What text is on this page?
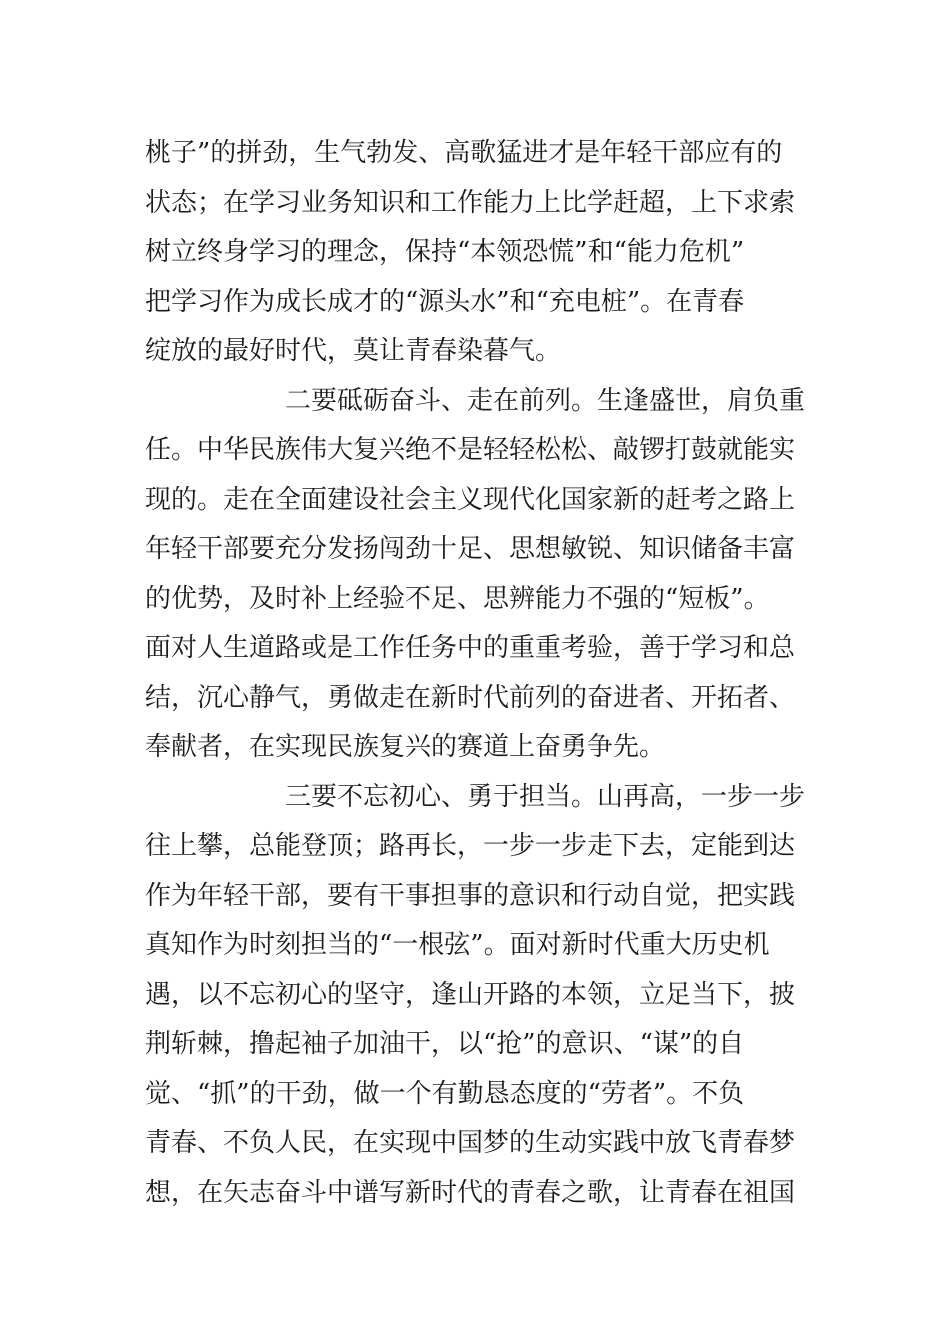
桃子”的拼劲，生气勃发、高歌猛进才是年轻干部应有的
状态；在学习业务知识和工作能力上比学赶超，上下求索
树立终身学习的理念，保持“本领恐慌”和“能力危机”
把学习作为成长成才的“源头水”和“充电桩”。在青春
绽放的最好时代，莫让青春染暮气。
二要砥砺奋斗、走在前列。生逢盛世，肩负重
任。中华民族伟大复兴绝不是轻轻松松、敲锣打鼓就能实
现的。走在全面建设社会主义现代化国家新的赶考之路上
年轻干部要充分发扬闯劲十足、思想敏锐、知识储备丰富
的优势，及时补上经验不足、思辨能力不强的“短板”。
面对人生道路或是工作任务中的重重考验，善于学习和总
结，沉心静气，勇做走在新时代前列的奋进者、开拓者、
奉献者，在实现民族复兴的赛道上奋勇争先。
三要不忘初心、勇于担当。山再高，一步一步
往上攀，总能登顶；路再长，一步一步走下去，定能到达
作为年轻干部，要有干事担事的意识和行动自觉，把实践
真知作为时刻担当的“一根弦”。面对新时代重大历史机
遇，以不忘初心的坚守，逢山开路的本领，立足当下，披
荆斩棘，撸起袖子加油干，以“抢”的意识、“谋”的自
觉、“抓”的干劲，做一个有勤恳态度的“劳者”。不负
青春、不负人民，在实现中国梦的生动实践中放飞青春梦
想，在矢志奋斗中谱写新时代的青春之歌，让青春在祖国
